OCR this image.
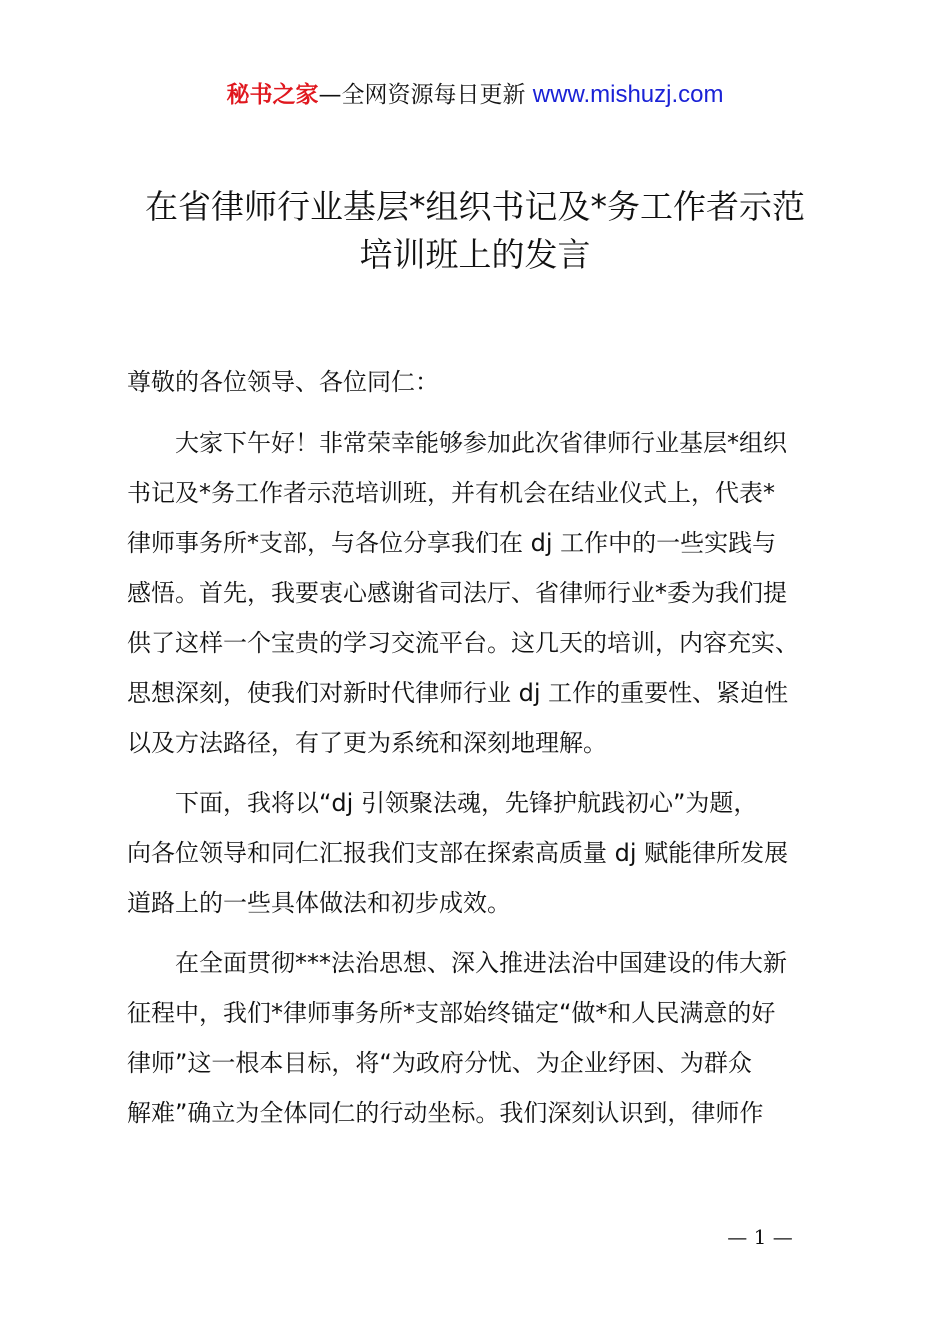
秘书之家—全网资源每日更新 www.mishuzj.com
在省律师行业基层*组织书记及*务工作者示范
培训班上的发言
尊敬的各位领导、各位同仁：
　　大家下午好！非常荣幸能够参加此次省律师行业基层*组织
书记及*务工作者示范培训班，并有机会在结业仪式上，代表*
律师事务所*支部，与各位分享我们在 dj 工作中的一些实践与
感悟。首先，我要衷心感谢省司法厅、省律师行业*委为我们提
供了这样一个宝贵的学习交流平台。这几天的培训，内容充实、
思想深刻，使我们对新时代律师行业 dj 工作的重要性、紧迫性
以及方法路径，有了更为系统和深刻地理解。
　　下面，我将以“dj 引领聚法魂，先锋护航践初心”为题，
向各位领导和同仁汇报我们支部在探索高质量 dj 赋能律所发展
道路上的一些具体做法和初步成效。
　　在全面贯彻***法治思想、深入推进法治中国建设的伟大新
征程中，我们*律师事务所*支部始终锚定“做*和人民满意的好
律师”这一根本目标，将“为政府分忧、为企业纾困、为群众
解难”确立为全体同仁的行动坐标。我们深刻认识到，律师作
— 1 —
